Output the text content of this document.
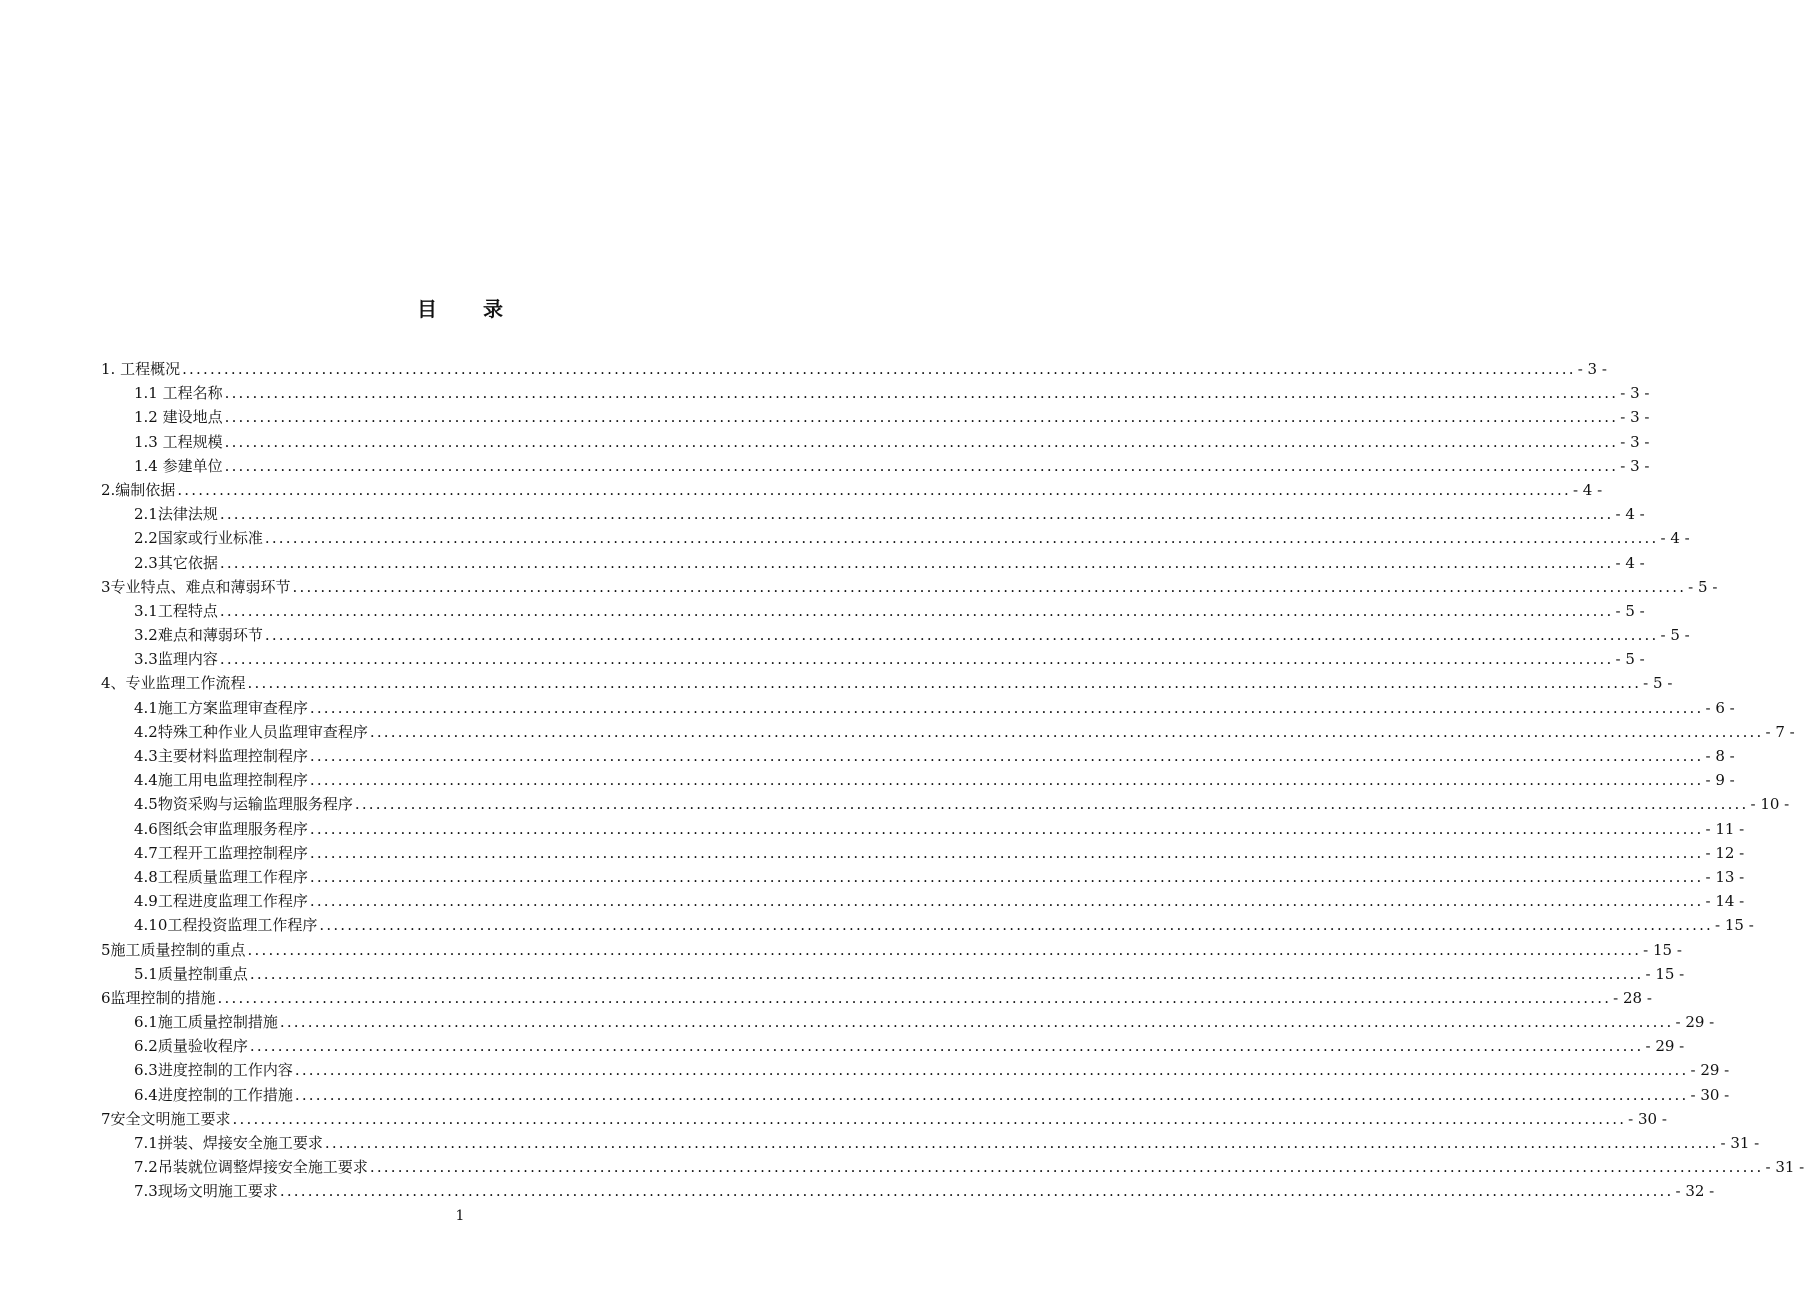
目 录
1. 工程概况 ........................................................................................................................................................................................................ - 3 -
1.1 工程名称 ........................................................................................................................................................................................................ - 3 -
1.2 建设地点 ........................................................................................................................................................................................................ - 3 -
1.3 工程规模 ........................................................................................................................................................................................................ - 3 -
1.4 参建单位 ........................................................................................................................................................................................................ - 3 -
2.编制依据 ........................................................................................................................................................................................................ - 4 -
2.1法律法规 ........................................................................................................................................................................................................ - 4 -
2.2国家或行业标准 ........................................................................................................................................................................................................ - 4 -
2.3其它依据 ........................................................................................................................................................................................................ - 4 -
3专业特点、难点和薄弱环节 ........................................................................................................................................................................................................ - 5 -
3.1工程特点 ........................................................................................................................................................................................................ - 5 -
3.2难点和薄弱环节 ........................................................................................................................................................................................................ - 5 -
3.3监理内容 ........................................................................................................................................................................................................ - 5 -
4、专业监理工作流程 ........................................................................................................................................................................................................ - 5 -
4.1施工方案监理审查程序 ........................................................................................................................................................................................................ - 6 -
4.2特殊工种作业人员监理审查程序 ........................................................................................................................................................................................................ - 7 -
4.3主要材料监理控制程序 ........................................................................................................................................................................................................ - 8 -
4.4施工用电监理控制程序 ........................................................................................................................................................................................................ - 9 -
4.5物资采购与运输监理服务程序 ........................................................................................................................................................................................................ - 10 -
4.6图纸会审监理服务程序 ........................................................................................................................................................................................................ - 11 -
4.7工程开工监理控制程序 ........................................................................................................................................................................................................ - 12 -
4.8工程质量监理工作程序 ........................................................................................................................................................................................................ - 13 -
4.9工程进度监理工作程序 ........................................................................................................................................................................................................ - 14 -
4.10工程投资监理工作程序 ........................................................................................................................................................................................................ - 15 -
5施工质量控制的重点 ........................................................................................................................................................................................................ - 15 -
5.1质量控制重点 ........................................................................................................................................................................................................ - 15 -
6监理控制的措施 ........................................................................................................................................................................................................ - 28 -
6.1施工质量控制措施 ........................................................................................................................................................................................................ - 29 -
6.2质量验收程序 ........................................................................................................................................................................................................ - 29 -
6.3进度控制的工作内容 ........................................................................................................................................................................................................ - 29 -
6.4进度控制的工作措施 ........................................................................................................................................................................................................ - 30 -
7安全文明施工要求 ........................................................................................................................................................................................................ - 30 -
7.1拼装、焊接安全施工要求 ........................................................................................................................................................................................................ - 31 -
7.2吊装就位调整焊接安全施工要求 ........................................................................................................................................................................................................ - 31 -
7.3现场文明施工要求 ........................................................................................................................................................................................................ - 32 -
1
